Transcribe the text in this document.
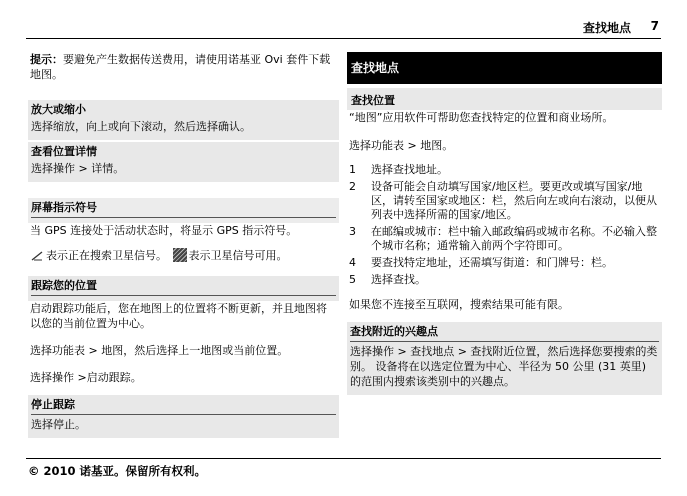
查找地点 7

提示：要避免产生数据传送费用，请使用诺基亚 Ovi 套件下载地图。

放大或缩小

选择缩放，向上或向下滚动，然后选择确认。

查看位置详情

选择操作 > 详情。

屏幕指示符号

当 GPS 连接处于活动状态时，将显示 GPS 指示符号。

表示正在搜索卫星信号。 表示卫星信号可用。

跟踪您的位置

启动跟踪功能后，您在地图上的位置将不断更新，并且地图将以您的当前位置为中心。

选择功能表 > 地图，然后选择上一地图或当前位置。

选择操作 >启动跟踪。

停止跟踪

选择停止。

查找地点
查找位置

“地图”应用软件可帮助您查找特定的位置和商业场所。

选择功能表 > 地图。

1	选择查找地址。
2	设备可能会自动填写国家/地区栏。要更改或填写国家/地区，请转至国家或地区：栏，然后向左或向右滚动，以便从列表中选择所需的国家/地区。
3	在邮编或城市：栏中输入邮政编码或城市名称。不必输入整个城市名称；通常输入前两个字符即可。
4	要查找特定地址，还需填写街道：和门牌号：栏。
5	选择查找。

如果您不连接至互联网，搜索结果可能有限。

查找附近的兴趣点

选择操作 > 查找地点 > 查找附近位置，然后选择您要搜索的类别。 设备将在以选定位置为中心、半径为 50 公里 (31 英里) 的范围内搜索该类别中的兴趣点。

© 2010 诺基亚。保留所有权利。
